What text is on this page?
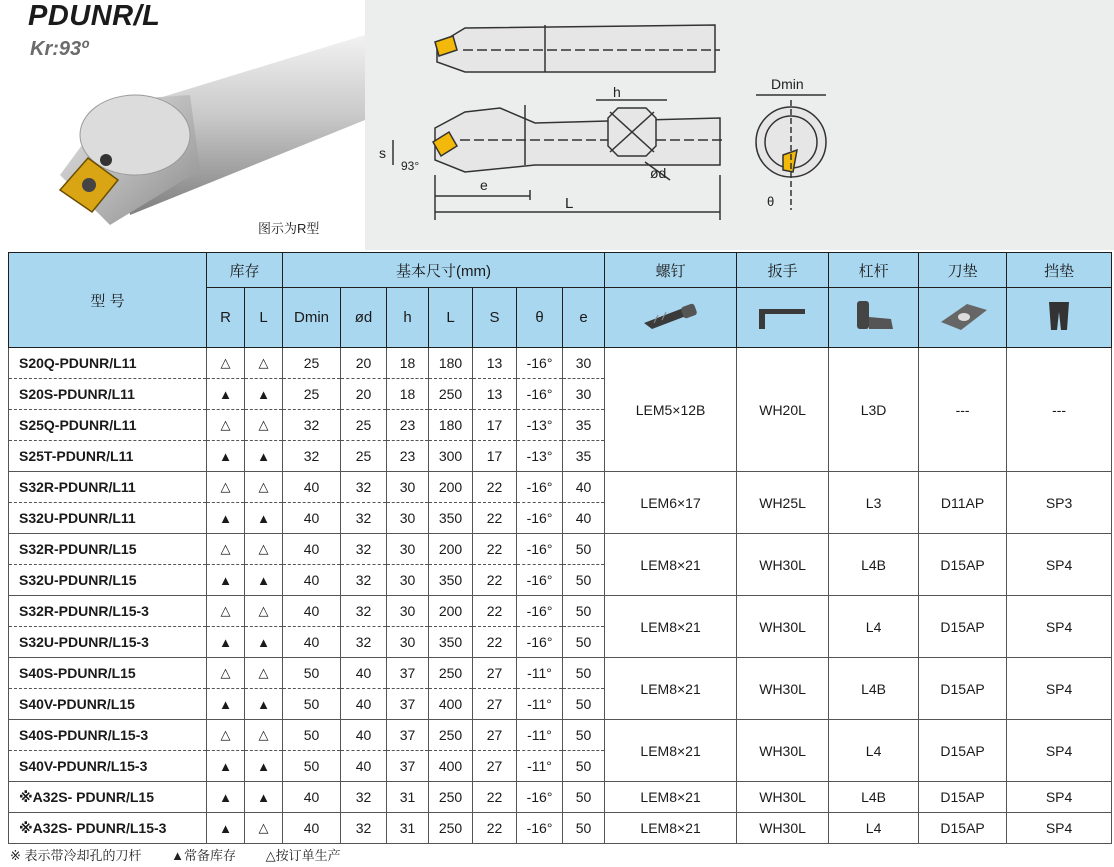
PDUNR/L
Kr:93º
图示为R型
h
s
93°
e
L
ød
Dmin
θ
型 号	库存		基本尺寸(mm)							螺钉	扳手	杠杆	刀垫	挡垫
	R	L	Dmin	ød	h	L	S	θ	e					
S20Q-PDUNR/L11	△	△	25	20	18	180	13	-16°	30	LEM5×12B	WH20L	L3D	---	---
S20S-PDUNR/L11	▲	▲	25	20	18	250	13	-16°	30					
S25Q-PDUNR/L11	△	△	32	25	23	180	17	-13°	35					
S25T-PDUNR/L11	▲	▲	32	25	23	300	17	-13°	35					
S32R-PDUNR/L11	△	△	40	32	30	200	22	-16°	40	LEM6×17	WH25L	L3	D11AP	SP3
S32U-PDUNR/L11	▲	▲	40	32	30	350	22	-16°	40					
S32R-PDUNR/L15	△	△	40	32	30	200	22	-16°	50	LEM8×21	WH30L	L4B	D15AP	SP4
S32U-PDUNR/L15	▲	▲	40	32	30	350	22	-16°	50					
S32R-PDUNR/L15-3	△	△	40	32	30	200	22	-16°	50	LEM8×21	WH30L	L4	D15AP	SP4
S32U-PDUNR/L15-3	▲	▲	40	32	30	350	22	-16°	50					
S40S-PDUNR/L15	△	△	50	40	37	250	27	-11°	50	LEM8×21	WH30L	L4B	D15AP	SP4
S40V-PDUNR/L15	▲	▲	50	40	37	400	27	-11°	50					
S40S-PDUNR/L15-3	△	△	50	40	37	250	27	-11°	50	LEM8×21	WH30L	L4	D15AP	SP4
S40V-PDUNR/L15-3	▲	▲	50	40	37	400	27	-11°	50					
※A32S- PDUNR/L15	▲	▲	40	32	31	250	22	-16°	50	LEM8×21	WH30L	L4B	D15AP	SP4
※A32S- PDUNR/L15-3	▲	△	40	32	31	250	22	-16°	50	LEM8×21	WH30L	L4	D15AP	SP4
※ 表示带冷却孔的刀杆 ▲常备库存 △按订单生产
